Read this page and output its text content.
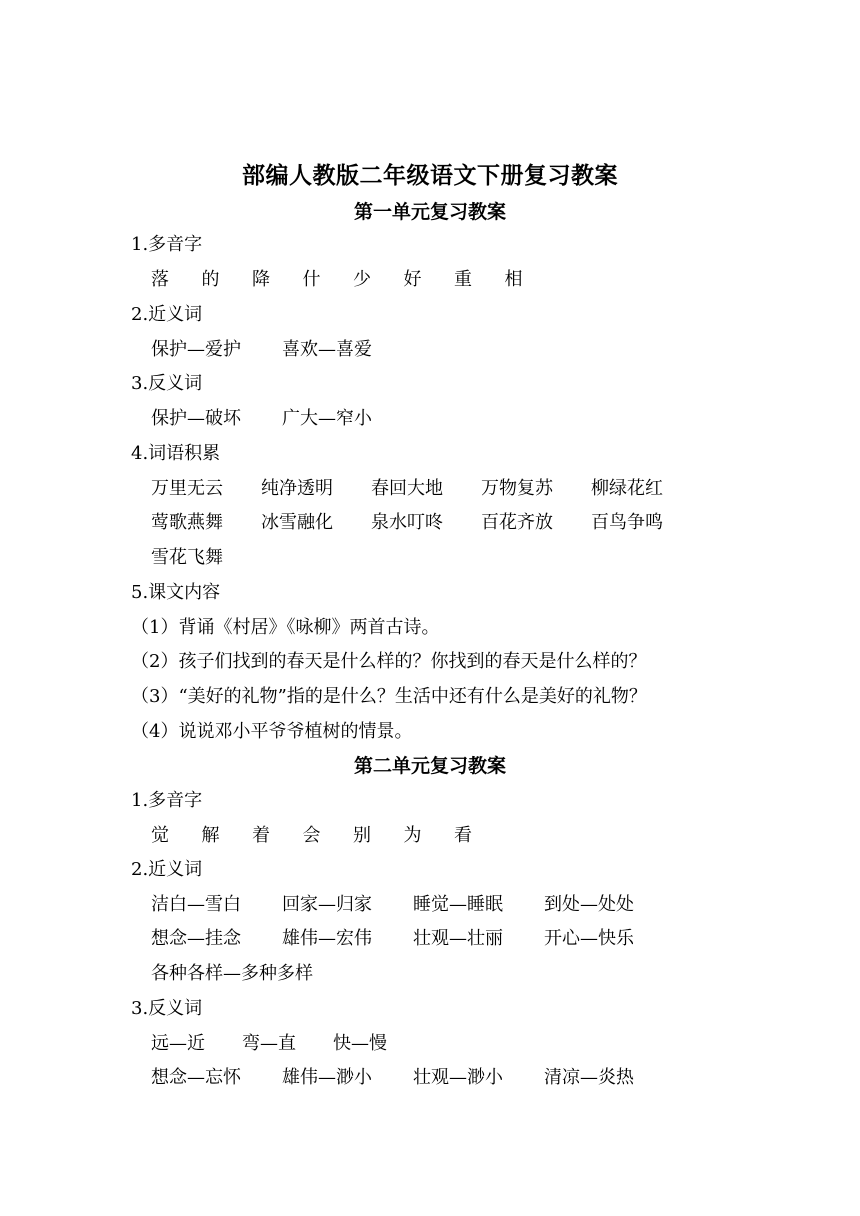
部编人教版二年级语文下册复习教案
第一单元复习教案
1.多音字
落 的 降 什 少 好 重 相
2.近义词
保护—爱护 喜欢—喜爱
3.反义词
保护—破坏 广大—窄小
4.词语积累
万里无云 纯净透明 春回大地 万物复苏 柳绿花红
莺歌燕舞 冰雪融化 泉水叮咚 百花齐放 百鸟争鸣
雪花飞舞
5.课文内容
（1）背诵《村居》《咏柳》两首古诗。
（2）孩子们找到的春天是什么样的？你找到的春天是什么样的？
（3）“美好的礼物”指的是什么？生活中还有什么是美好的礼物？
（4）说说邓小平爷爷植树的情景。
第二单元复习教案
1.多音字
觉 解 着 会 别 为 看
2.近义词
洁白—雪白 回家—归家 睡觉—睡眠 到处—处处
想念—挂念 雄伟—宏伟 壮观—壮丽 开心—快乐
各种各样—多种多样
3.反义词
远—近 弯—直 快—慢
想念—忘怀 雄伟—渺小 壮观—渺小 清凉—炎热
